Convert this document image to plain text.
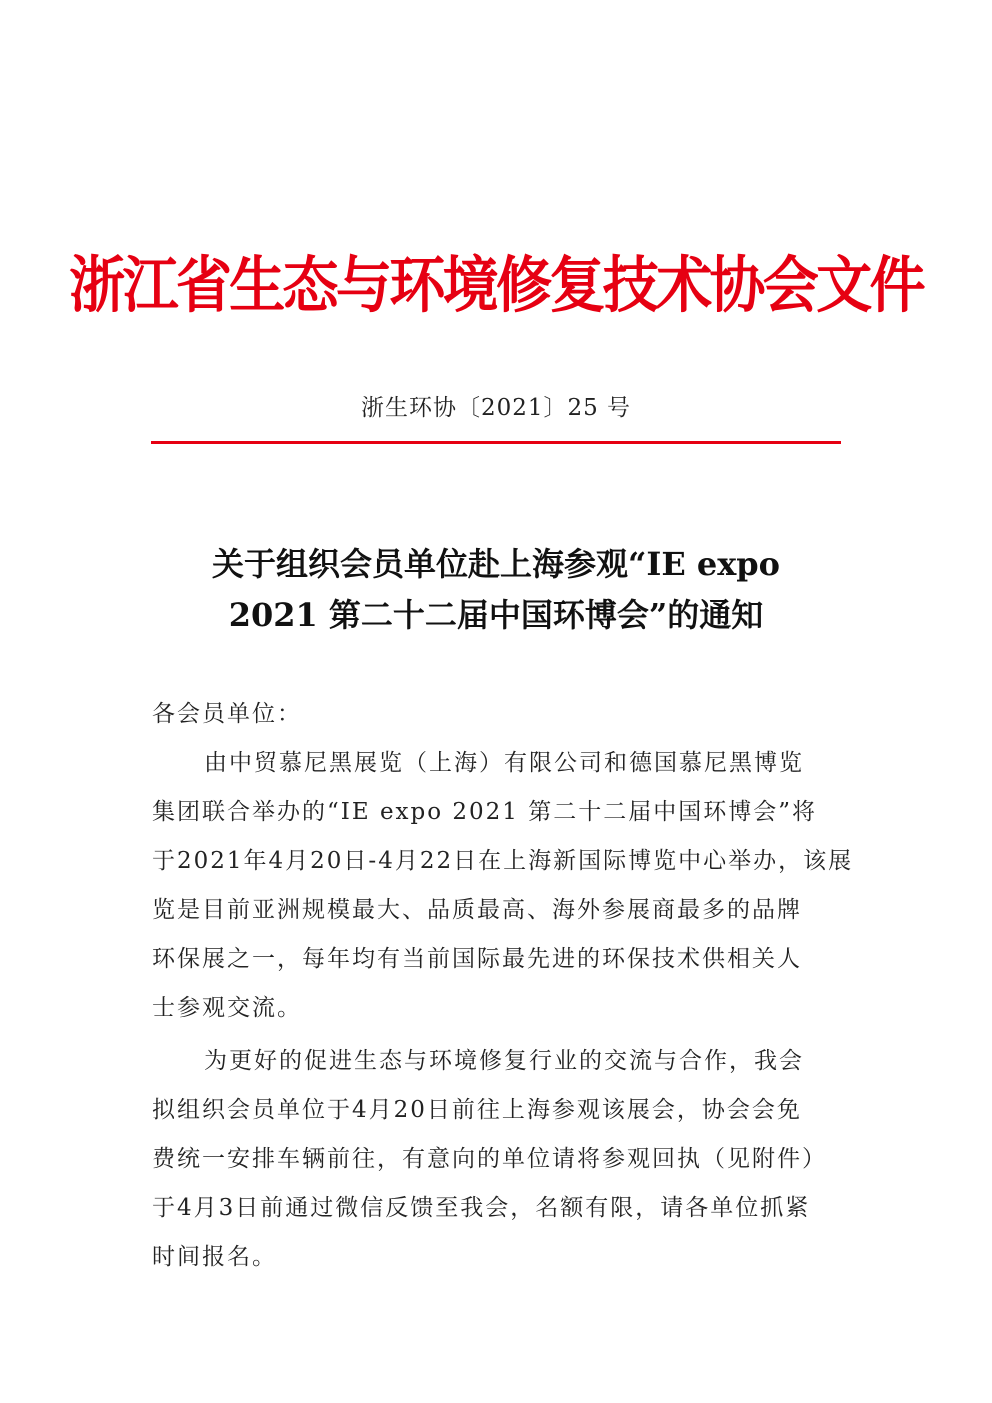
浙江省生态与环境修复技术协会文件
浙生环协〔2021〕25 号
关于组织会员单位赴上海参观“IE expo
2021 第二十二届中国环博会”的通知
各会员单位：
由中贸慕尼黑展览（上海）有限公司和德国慕尼黑博览
集团联合举办的“IE expo 2021 第二十二届中国环博会”将
于2021年4月20日-4月22日在上海新国际博览中心举办，该展
览是目前亚洲规模最大、品质最高、海外参展商最多的品牌
环保展之一，每年均有当前国际最先进的环保技术供相关人
士参观交流。
为更好的促进生态与环境修复行业的交流与合作，我会
拟组织会员单位于4月20日前往上海参观该展会，协会会免
费统一安排车辆前往，有意向的单位请将参观回执（见附件）
于4月3日前通过微信反馈至我会，名额有限，请各单位抓紧
时间报名。
